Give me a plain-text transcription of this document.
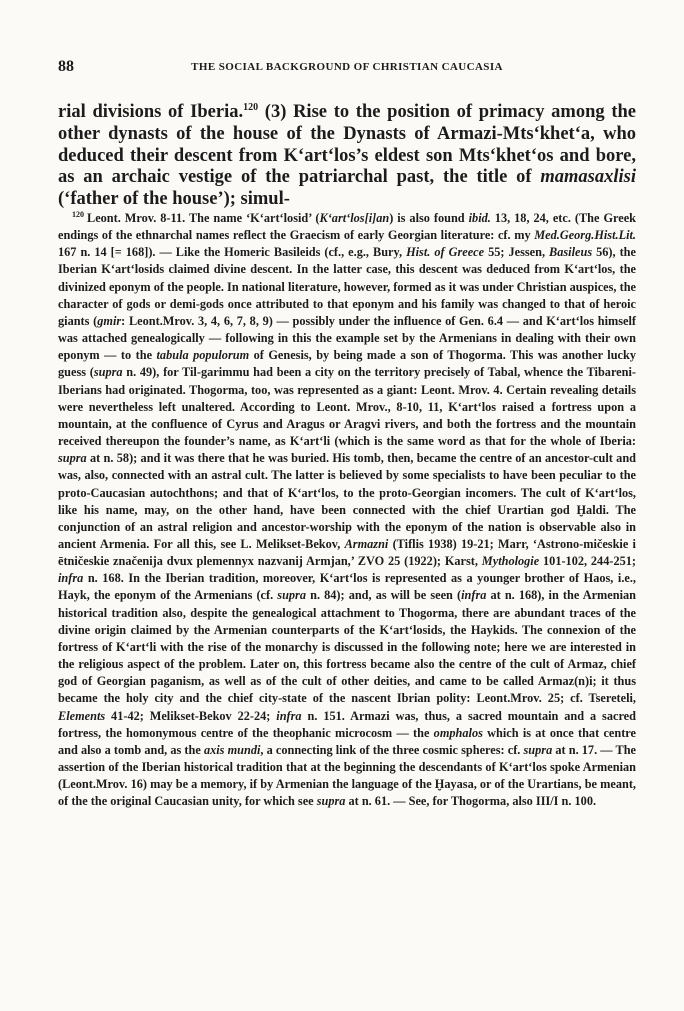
88	THE SOCIAL BACKGROUND OF CHRISTIAN CAUCASIA
rial divisions of Iberia.$^{120}$ (3) Rise to the position of primacy among the other dynasts of the house of the Dynasts of Armazi-Mtsʻkhetʻa, who deduced their descent from Kʻartʻlos’s eldest son Mtsʻkhetʻos and bore, as an archaic vestige of the patriarchal past, the title of mamasaxlisi (‘father of the house’); simul-
$^{120}$ Leont. Mrov. 8-11. The name ‘Kʻartʻlosid’ (Kʻartʻlos[i]an) is also found ibid. 13, 18, 24, etc. (The Greek endings of the ethnarchal names reflect the Graecism of early Georgian literature: cf. my Med.Georg.Hist.Lit. 167 n. 14 [= 168]). — Like the Homeric Basileids (cf., e.g., Bury, Hist. of Greece 55; Jessen, Basileus 56), the Iberian Kʻartʻlosids claimed divine descent. In the latter case, this descent was deduced from Kʻartʻlos, the divinized eponym of the people. In national literature, however, formed as it was under Christian auspices, the character of gods or demi-gods once attributed to that eponym and his family was changed to that of heroic giants (gmir: Leont.Mrov. 3, 4, 6, 7, 8, 9) — possibly under the influence of Gen. 6.4 — and Kʻartʻlos himself was attached genealogically — following in this the example set by the Armenians in dealing with their own eponym — to the tabula populorum of Genesis, by being made a son of Thogorma. This was another lucky guess (supra n. 49), for Til-garimmu had been a city on the territory precisely of Tabal, whence the Tibareni-Iberians had originated. Thogorma, too, was represented as a giant: Leont. Mrov. 4. Certain revealing details were nevertheless left unaltered. According to Leont. Mrov., 8-10, 11, Kʻartʻlos raised a fortress upon a mountain, at the confluence of Cyrus and Aragus or Aragvi rivers, and both the fortress and the mountain received thereupon the founder’s name, as Kʻartʻli (which is the same word as that for the whole of Iberia: supra at n. 58); and it was there that he was buried. His tomb, then, became the centre of an ancestor-cult and was, also, connected with an astral cult. The latter is believed by some specialists to have been peculiar to the proto-Caucasian autochthons; and that of Kʻartʻlos, to the proto-Georgian incomers. The cult of Kʻartʻlos, like his name, may, on the other hand, have been connected with the chief Urartian god Ḫaldi. The conjunction of an astral religion and ancestor-worship with the eponym of the nation is observable also in ancient Armenia. For all this, see L. Melikset-Bekov, Armazni (Tiflis 1938) 19-21; Marr, ‘Astrono-mičeskie i ētničeskie značenija dvux plemennyx nazvanij Armjan,’ ZVO 25 (1922); Karst, Mythologie 101-102, 244-251; infra n. 168. In the Iberian tradition, moreover, Kʻartʻlos is represented as a younger brother of Haos, i.e., Hayk, the eponym of the Armenians (cf. supra n. 84); and, as will be seen (infra at n. 168), in the Armenian historical tradition also, despite the genealogical attachment to Thogorma, there are abundant traces of the divine origin claimed by the Armenian counterparts of the Kʻartʻlosids, the Haykids. The connexion of the fortress of Kʻartʻli with the rise of the monarchy is discussed in the following note; here we are interested in the religious aspect of the problem. Later on, this fortress became also the centre of the cult of Armaz, chief god of Georgian paganism, as well as of the cult of other deities, and came to be called Armaz(n)i; it thus became the holy city and the chief city-state of the nascent Ibrian polity: Leont.Mrov. 25; cf. Tsereteli, Elements 41-42; Melikset-Bekov 22-24; infra n. 151. Armazi was, thus, a sacred mountain and a sacred fortress, the homonymous centre of the theophanic microcosm — the omphalos which is at once that centre and also a tomb and, as the axis mundi, a connecting link of the three cosmic spheres: cf. supra at n. 17. — The assertion of the Iberian historical tradition that at the beginning the descendants of Kʻartʻlos spoke Armenian (Leont.Mrov. 16) may be a memory, if by Armenian the language of the Ḫayasa, or of the Urartians, be meant, of the the original Caucasian unity, for which see supra at n. 61. — See, for Thogorma, also III/I n. 100.
